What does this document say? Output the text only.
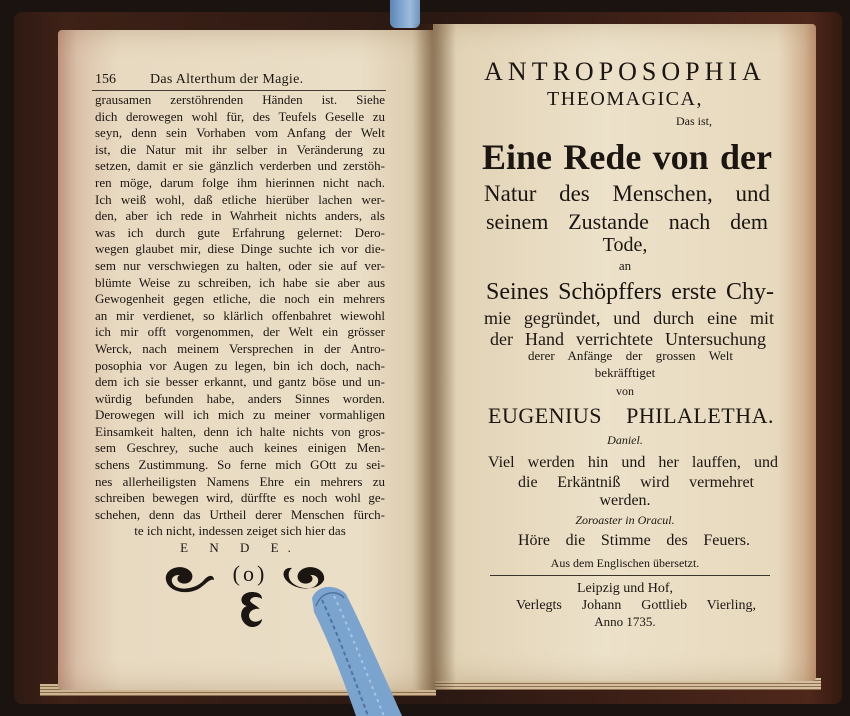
156 Das Alterthum der Magie.
grausamen zerstöhrenden Händen ist. Siehe
dich derowegen wohl für, des Teufels Geselle zu
seyn, denn sein Vorhaben vom Anfang der Welt
ist, die Natur mit ihr selber in Veränderung zu
setzen, damit er sie gänzlich verderben und zerstöh-
ren möge, darum folge ihm hierinnen nicht nach.
Ich weiß wohl, daß etliche hierüber lachen wer-
den, aber ich rede in Wahrheit nichts anders, als
was ich durch gute Erfahrung gelernet: Dero-
wegen glaubet mir, diese Dinge suchte ich vor die-
sem nur verschwiegen zu halten, oder sie auf ver-
blümte Weise zu schreiben, ich habe sie aber aus
Gewogenheit gegen etliche, die noch ein mehrers
an mir verdienet, so klärlich offenbahret wiewohl
ich mir offt vorgenommen, der Welt ein grösser
Werck, nach meinem Versprechen in der Antro-
posophia vor Augen zu legen, bin ich doch, nach-
dem ich sie besser erkannt, und gantz böse und un-
würdig befunden habe, anders Sinnes worden.
Derowegen will ich mich zu meiner vormahligen
Einsamkeit halten, denn ich halte nichts von gros-
sem Geschrey, suche auch keines einigen Men-
schens Zustimmung. So ferne mich GOtt zu sei-
nes allerheiligsten Namens Ehre ein mehrers zu
schreiben bewegen wird, dürffte es noch wohl ge-
schehen, denn das Urtheil derer Menschen fürch-
te ich nicht, indessen zeiget sich hier das
E N D E.
(o)
ANTROPOSOPHIA
THEOMAGICA,
Das ist,
Eine Rede von der
Natur des Menschen, und
seinem Zustande nach dem
Tode,
an
Seines Schöpffers erste Chy-
mie gegründet, und durch eine mit
der Hand verrichtete Untersuchung
derer Anfänge der grossen Welt
bekräfftiget
von
EUGENIUS PHILALETHA.
Daniel.
Viel werden hin und her lauffen, und
die Erkäntniß wird vermehret
werden.
Zoroaster in Oracul.
Höre die Stimme des Feuers.
Aus dem Englischen übersetzt.
Leipzig und Hof,
Verlegts Johann Gottlieb Vierling,
Anno 1735.
